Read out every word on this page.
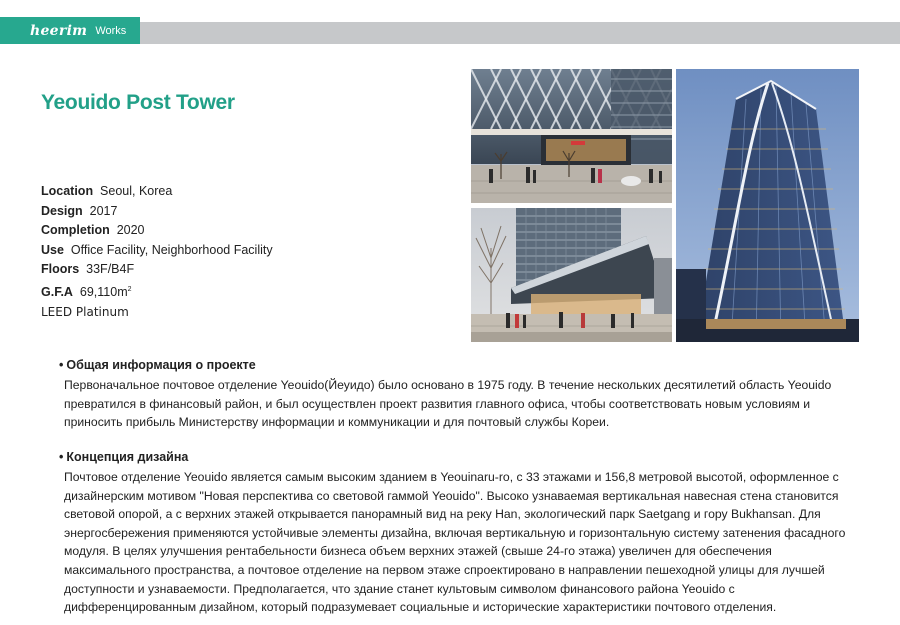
heerim Works
Yeouido Post Tower
Location Seoul, Korea
Design 2017
Completion 2020
Use Office Facility, Neighborhood Facility
Floors 33F/B4F
G.F.A $69,110m^2$
LEED Platinum
• Общая информация о проекте

Первоначальное почтовое отделение Yeouido(Йеуидо) было основано в 1975 году. В течение нескольких десятилетий область Yeouido превратился в финансовый район, и был осуществлен проект развития главного офиса, чтобы соответствовать новым условиям и приносить прибыль Министерству информации и коммуникации и для почтовый службы Кореи.

• Концепция дизайна

Почтовое отделение Yeouido является самым высоким зданием в Yeouinaru-ro, с 33 этажами и 156,8 метровой высотой, оформленное с дизайнерским мотивом "Новая перспектива со световой гаммой Yeouido". Высоко узнаваемая вертикальная навесная стена становится световой опорой, а с верхних этажей открывается панорамный вид на реку Han, экологический парк Saetgang и гору Bukhansan. Для энергосбережения применяются устойчивые элементы дизайна, включая вертикальную и горизонтальную систему затенения фасадного модуля. В целях улучшения рентабельности бизнеса объем верхних этажей (свыше 24-го этажа) увеличен для обеспечения максимального пространства, а почтовое отделение на первом этаже спроектировано в направлении пешеходной улицы для лучшей доступности и узнаваемости. Предполагается, что здание станет культовым символом финансового района Yeouido с дифференцированным дизайном, который подразумевает социальные и исторические характеристики почтового отделения.
